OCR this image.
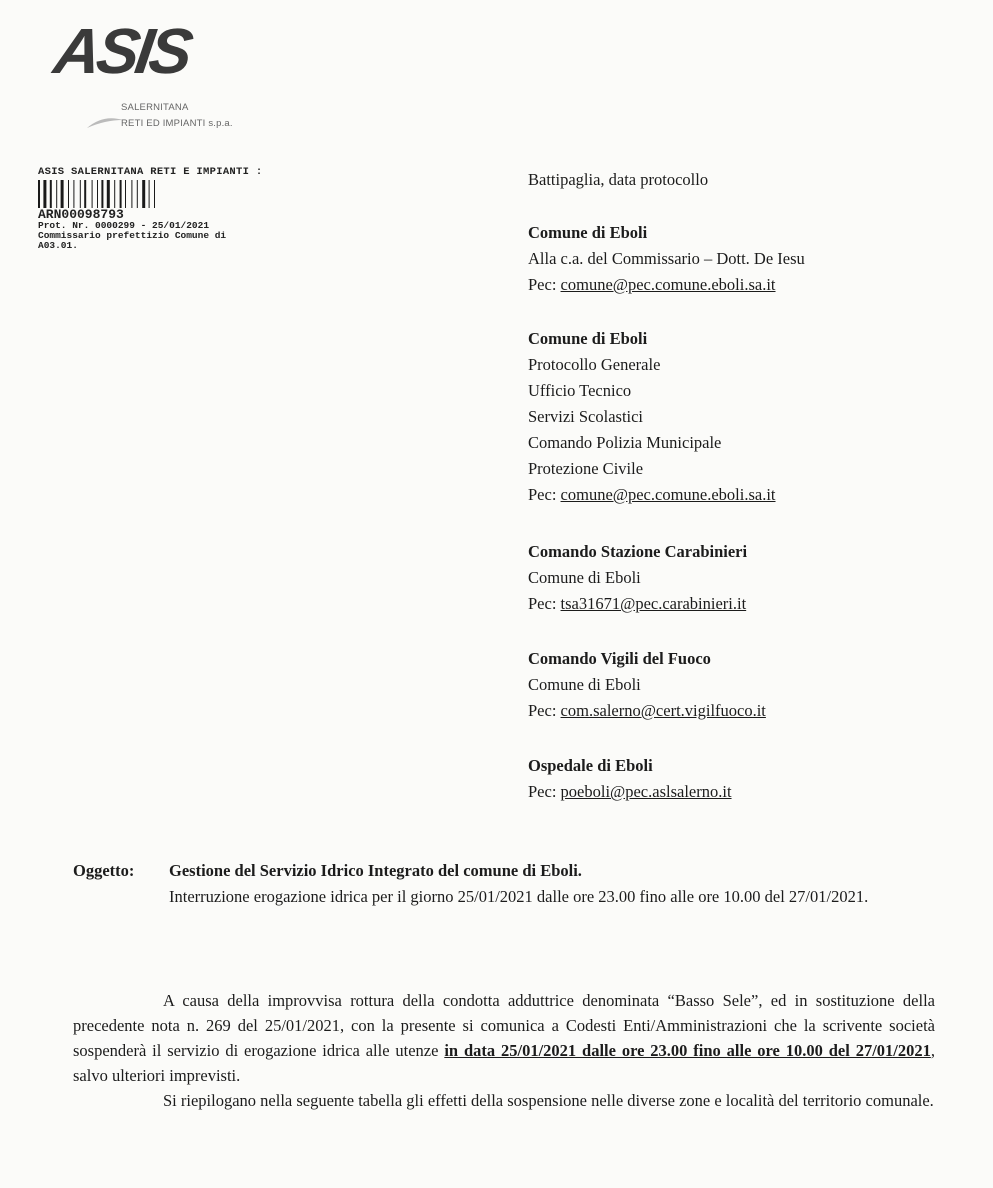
ASIS
SALERNITANA
RETI ED IMPIANTI s.p.a.
ASIS SALERNITANA RETI E IMPIANTI :
ARN00098793
Prot. Nr. 0000299 - 25/01/2021
Commissario prefettizio Comune di
A03.01.
Battipaglia, data protocollo
Comune di Eboli
Alla c.a. del Commissario – Dott. De Iesu
Pec: comune@pec.comune.eboli.sa.it
Comune di Eboli
Protocollo Generale
Ufficio Tecnico
Servizi Scolastici
Comando Polizia Municipale
Protezione Civile
Pec: comune@pec.comune.eboli.sa.it
Comando Stazione Carabinieri
Comune di Eboli
Pec: tsa31671@pec.carabinieri.it
Comando Vigili del Fuoco
Comune di Eboli
Pec: com.salerno@cert.vigilfuoco.it
Ospedale di Eboli
Pec: poeboli@pec.aslsalerno.it
Oggetto: Gestione del Servizio Idrico Integrato del comune di Eboli.
Interruzione erogazione idrica per il giorno 25/01/2021 dalle ore 23.00 fino alle ore 10.00 del 27/01/2021.

A causa della improvvisa rottura della condotta adduttrice denominata “Basso Sele”, ed in sostituzione della precedente nota n. 269 del 25/01/2021, con la presente si comunica a Codesti Enti/Amministrazioni che la scrivente società sospenderà il servizio di erogazione idrica alle utenze in data 25/01/2021 dalle ore 23.00 fino alle ore 10.00 del 27/01/2021, salvo ulteriori imprevisti.

Si riepilogano nella seguente tabella gli effetti della sospensione nelle diverse zone e località del territorio comunale.
